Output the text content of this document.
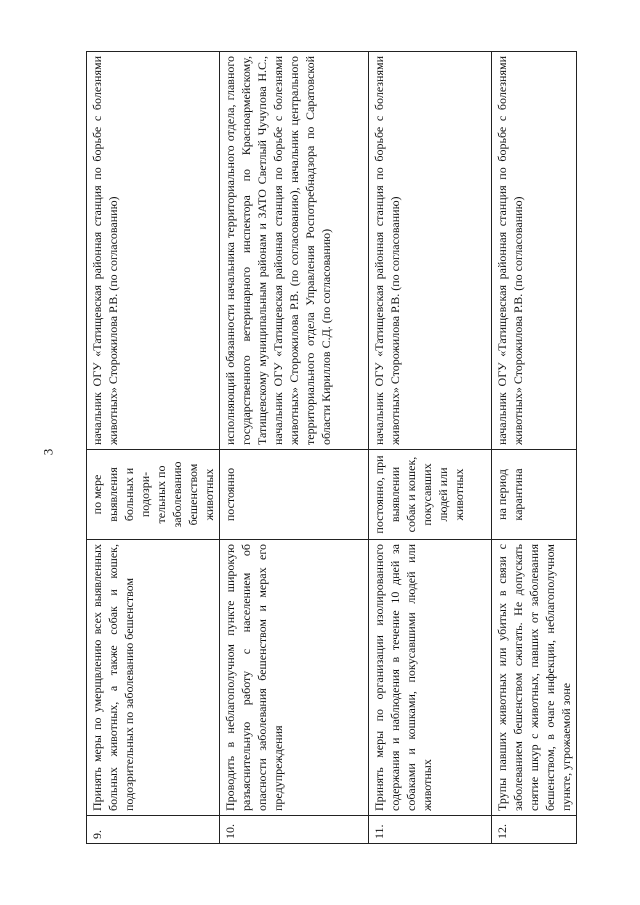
3
9.	Принять меры по умерщвлению всех выявленных больных животных, а также собак и кошек, подозрительных по заболеванию бешенством	по мере выявления больных и подозри-тельных по заболеванию бешенством животных	начальник ОГУ «Татищевская районная станция по борьбе с болезнями животных» Сторожилова Р.В. (по согласованию)
10.	Проводить в неблагополучном пункте широкую разъяснительную работу с населением об опасности заболевания бешенством и мерах его предупреждения	постоянно	исполняющий обязанности начальника территориального отдела, главного государственного ветеринарного инспектора по Красноармейскому, Татищевскому муниципальным районам и ЗАТО Светлый Чучупова Н.С., начальник ОГУ «Татищевская районная станция по борьбе с болезнями животных» Сторожилова Р.В. (по согласованию), начальник центрального территориального отдела Управления Роспотребнадзора по Саратовской области Кириллов С.Д. (по согласованию)
11.	Принять меры по организации изолированного содержания и наблюдения в течение 10 дней за собаками и кошками, покусавшими людей или животных	постоянно, при выявлении собак и кошек, покусавших людей или животных	начальник ОГУ «Татищевская районная станция по борьбе с болезнями животных» Сторожилова Р.В. (по согласованию)
12.	Трупы павших животных или убитых в связи с заболеванием бешенством сжигать. Не допускать снятие шкур с животных, павших от заболевания бешенством, в очаге инфекции, неблагополучном пункте, угрожаемой зоне	на период карантина	начальник ОГУ «Татищевская районная станция по борьбе с болезнями животных» Сторожилова Р.В. (по согласованию)
